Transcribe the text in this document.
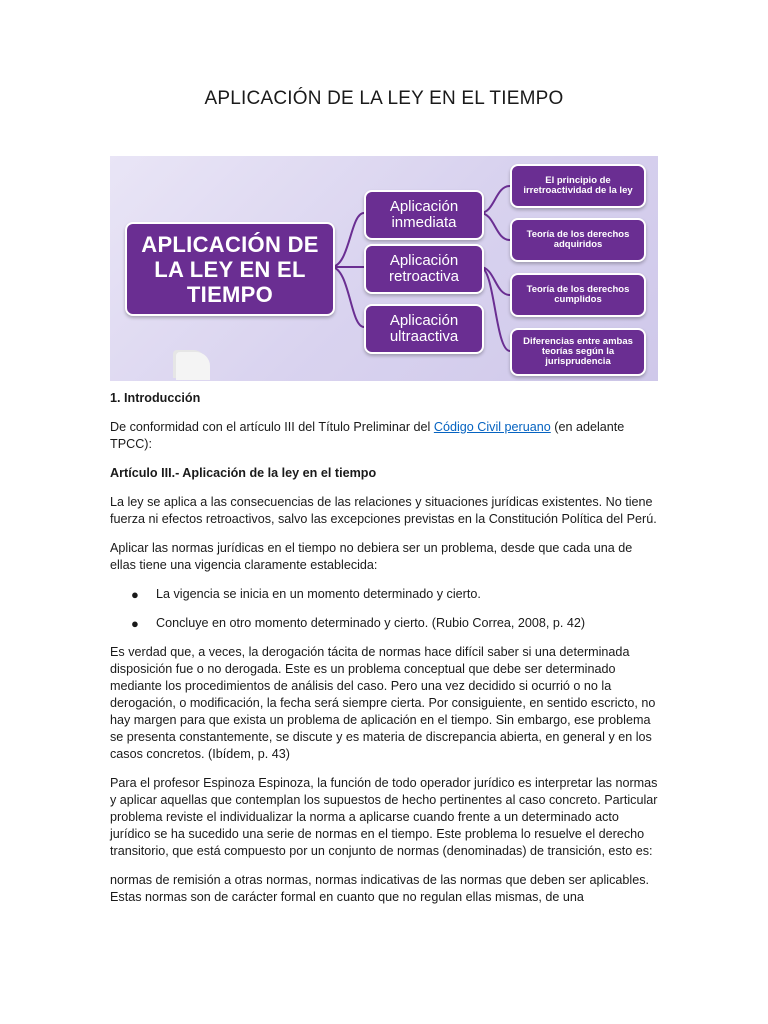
APLICACIÓN DE LA LEY EN EL TIEMPO
APLICACIÓN DE
LA LEY EN EL
TIEMPO
Aplicación
inmediata
Aplicación
retroactiva
Aplicación
ultraactiva
El principio de
irretroactividad de la ley
Teoría de los derechos
adquiridos
Teoría de los derechos
cumplidos
Diferencias entre ambas
teorías según la
jurisprudencia

1. Introducción

De conformidad con el artículo III del Título Preliminar del Código Civil peruano (en adelante TPCC):

Artículo III.- Aplicación de la ley en el tiempo

La ley se aplica a las consecuencias de las relaciones y situaciones jurídicas existentes. No tiene fuerza ni efectos retroactivos, salvo las excepciones previstas en la Constitución Política del Perú.

Aplicar las normas jurídicas en el tiempo no debiera ser un problema, desde que cada una de ellas tiene una vigencia claramente establecida:

● La vigencia se inicia en un momento determinado y cierto.
● Concluye en otro momento determinado y cierto. (Rubio Correa, 2008, p. 42)

Es verdad que, a veces, la derogación tácita de normas hace difícil saber si una determinada disposición fue o no derogada. Este es un problema conceptual que debe ser determinado mediante los procedimientos de análisis del caso. Pero una vez decidido si ocurrió o no la derogación, o modificación, la fecha será siempre cierta. Por consiguiente, en sentido escricto, no hay margen para que exista un problema de aplicación en el tiempo. Sin embargo, ese problema se presenta constantemente, se discute y es materia de discrepancia abierta, en general y en los casos concretos. (Ibídem, p. 43)

Para el profesor Espinoza Espinoza, la función de todo operador jurídico es interpretar las normas y aplicar aquellas que contemplan los supuestos de hecho pertinentes al caso concreto. Particular problema reviste el individualizar la norma a aplicarse cuando frente a un determinado acto jurídico se ha sucedido una serie de normas en el tiempo. Este problema lo resuelve el derecho transitorio, que está compuesto por un conjunto de normas (denominadas) de transición, esto es:

normas de remisión a otras normas, normas indicativas de las normas que deben ser aplicables. Estas normas son de carácter formal en cuanto que no regulan ellas mismas, de una
